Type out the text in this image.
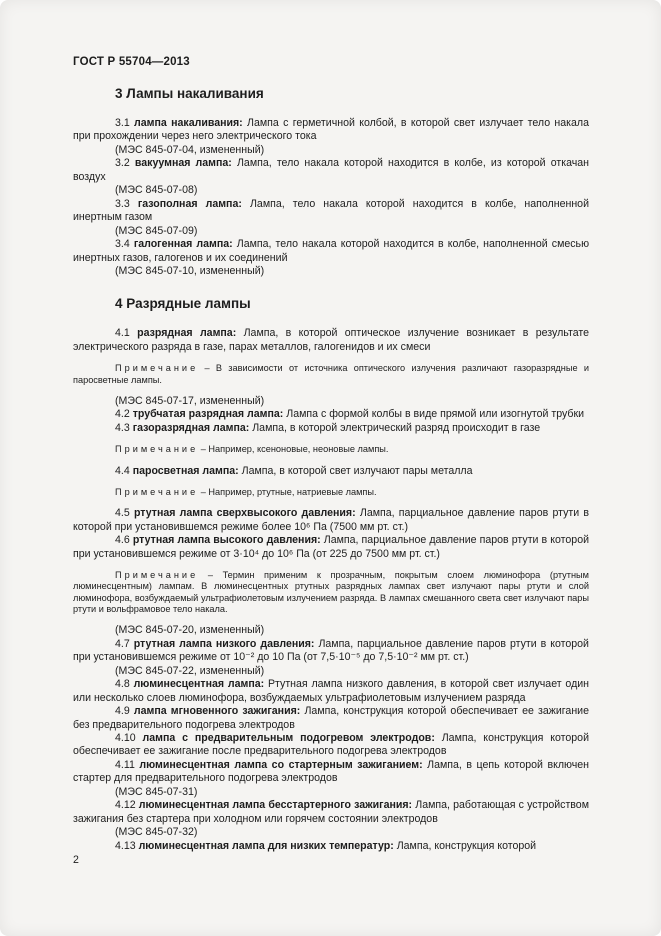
ГОСТ Р 55704—2013
3 Лампы накаливания

3.1 лампа накаливания: Лампа с герметичной колбой, в которой свет излучает тело накала при прохождении через него электрического тока

(МЭС 845-07-04, измененный)

3.2 вакуумная лампа: Лампа, тело накала которой находится в колбе, из которой откачан воздух

(МЭС 845-07-08)

3.3 газополная лампа: Лампа, тело накала которой находится в колбе, наполненной инертным газом

(МЭС 845-07-09)

3.4 галогенная лампа: Лампа, тело накала которой находится в колбе, наполненной смесью инертных газов, галогенов и их соединений

(МЭС 845-07-10, измененный)

4 Разрядные лампы

4.1 разрядная лампа: Лампа, в которой оптическое излучение возникает в результате электрического разряда в газе, парах металлов, галогенидов и их смеси

Примечание – В зависимости от источника оптического излучения различают газоразрядные и паросветные лампы.

(МЭС 845-07-17, измененный)

4.2 трубчатая разрядная лампа: Лампа с формой колбы в виде прямой или изогнутой трубки

4.3 газоразрядная лампа: Лампа, в которой электрический разряд происходит в газе

Примечание – Например, ксеноновые, неоновые лампы.

4.4 паросветная лампа: Лампа, в которой свет излучают пары металла

Примечание – Например, ртутные, натриевые лампы.

4.5 ртутная лампа сверхвысокого давления: Лампа, парциальное давление паров ртути в которой при установившемся режиме более 10⁶ Па (7500 мм рт. ст.)

4.6 ртутная лампа высокого давления: Лампа, парциальное давление паров ртути в которой при установившемся режиме от 3·10⁴ до 10⁶ Па (от 225 до 7500 мм рт. ст.)

Примечание – Термин применим к прозрачным, покрытым слоем люминофора (ртутным люминесцентным) лампам. В люминесцентных ртутных разрядных лампах свет излучают пары ртути и слой люминофора, возбуждаемый ультрафиолетовым излучением разряда. В лампах смешанного света свет излучают пары ртути и вольфрамовое тело накала.

(МЭС 845-07-20, измененный)

4.7 ртутная лампа низкого давления: Лампа, парциальное давление паров ртути в которой при установившемся режиме от 10⁻² до 10 Па (от 7,5·10⁻⁵ до 7,5·10⁻² мм рт. ст.)

(МЭС 845-07-22, измененный)

4.8 люминесцентная лампа: Ртутная лампа низкого давления, в которой свет излучает один или несколько слоев люминофора, возбуждаемых ультрафиолетовым излучением разряда

4.9 лампа мгновенного зажигания: Лампа, конструкция которой обеспечивает ее зажигание без предварительного подогрева электродов

4.10 лампа с предварительным подогревом электродов: Лампа, конструкция которой обеспечивает ее зажигание после предварительного подогрева электродов

4.11 люминесцентная лампа со стартерным зажиганием: Лампа, в цепь которой включен стартер для предварительного подогрева электродов

(МЭС 845-07-31)

4.12 люминесцентная лампа бесстартерного зажигания: Лампа, работающая с устройством зажигания без стартера при холодном или горячем состоянии электродов

(МЭС 845-07-32)

4.13 люминесцентная лампа для низких температур: Лампа, конструкция которой

2
